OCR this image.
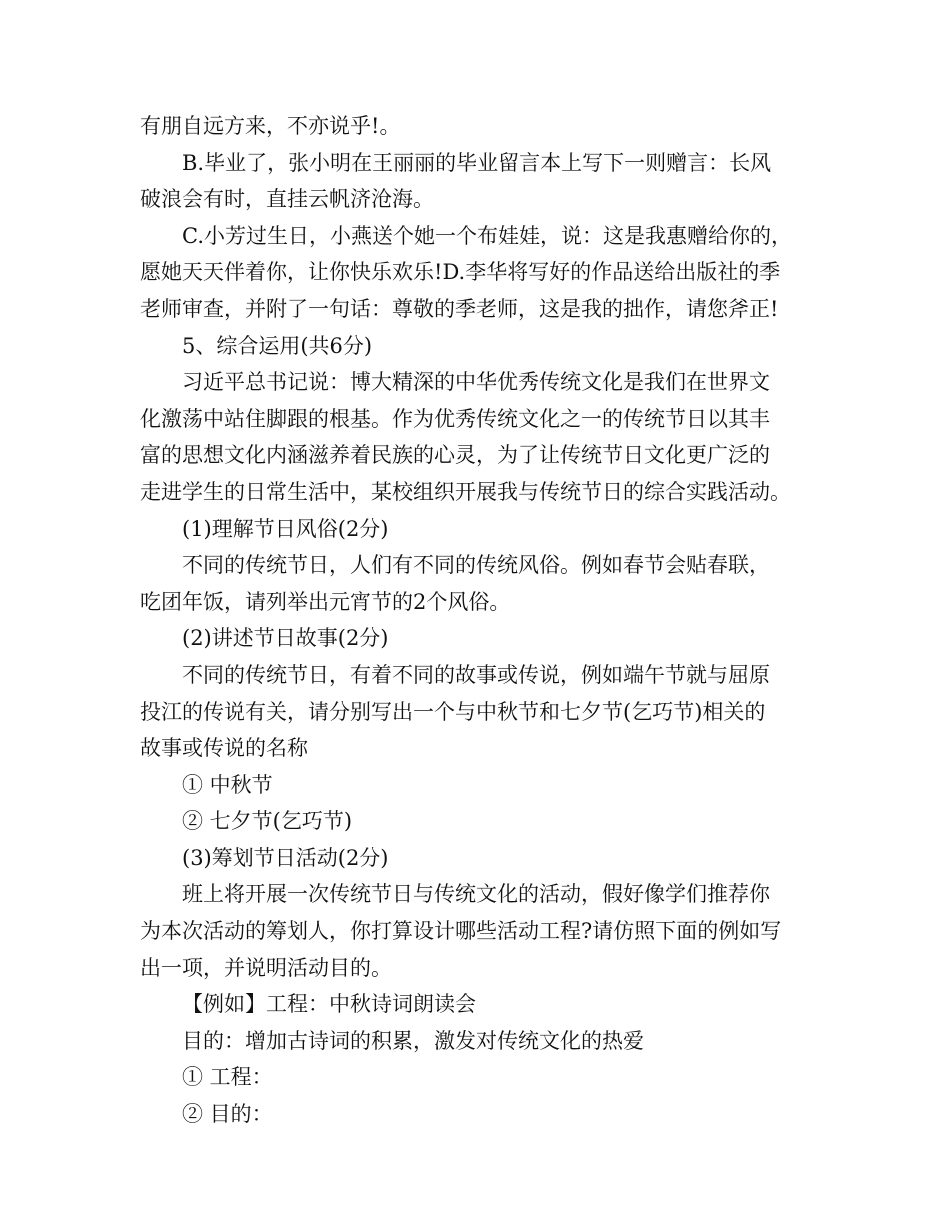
有朋自远方来，不亦说乎!。

B.毕业了，张小明在王丽丽的毕业留言本上写下一则赠言：长风

破浪会有时，直挂云帆济沧海。

C.小芳过生日，小燕送个她一个布娃娃，说：这是我惠赠给你的，

愿她天天伴着你，让你快乐欢乐!D.李华将写好的作品送给出版社的季

老师审查，并附了一句话：尊敬的季老师，这是我的拙作，请您斧正!

5、综合运用(共6分)

习近平总书记说：博大精深的中华优秀传统文化是我们在世界文

化激荡中站住脚跟的根基。作为优秀传统文化之一的传统节日以其丰

富的思想文化内涵滋养着民族的心灵，为了让传统节日文化更广泛的

走进学生的日常生活中，某校组织开展我与传统节日的综合实践活动。

(1)理解节日风俗(2分)

不同的传统节日，人们有不同的传统风俗。例如春节会贴春联，

吃团年饭，请列举出元宵节的2个风俗。

(2)讲述节日故事(2分)

不同的传统节日，有着不同的故事或传说，例如端午节就与屈原

投江的传说有关，请分别写出一个与中秋节和七夕节(乞巧节)相关的

故事或传说的名称

① 中秋节

② 七夕节(乞巧节)

(3)筹划节日活动(2分)

班上将开展一次传统节日与传统文化的活动，假好像学们推荐你

为本次活动的筹划人，你打算设计哪些活动工程?请仿照下面的例如写

出一项，并说明活动目的。

【例如】工程：中秋诗词朗读会

目的：增加古诗词的积累，激发对传统文化的热爱

① 工程：

② 目的：
